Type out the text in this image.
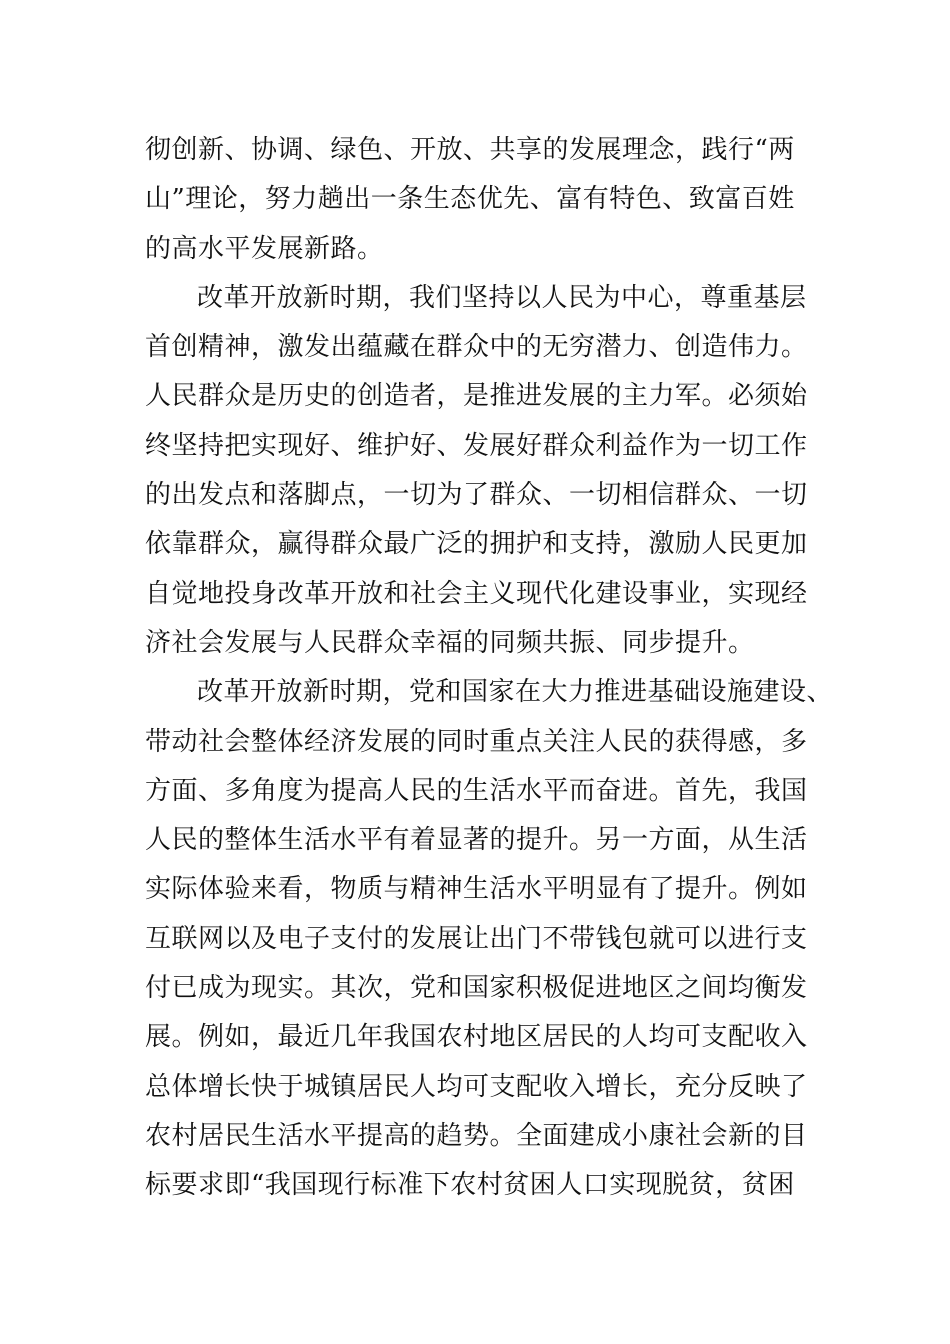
彻创新、协调、绿色、开放、共享的发展理念，践行“两
山”理论，努力趟出一条生态优先、富有特色、致富百姓
的高水平发展新路。
改革开放新时期，我们坚持以人民为中心，尊重基层
首创精神，激发出蕴藏在群众中的无穷潜力、创造伟力。
人民群众是历史的创造者，是推进发展的主力军。必须始
终坚持把实现好、维护好、发展好群众利益作为一切工作
的出发点和落脚点，一切为了群众、一切相信群众、一切
依靠群众，赢得群众最广泛的拥护和支持，激励人民更加
自觉地投身改革开放和社会主义现代化建设事业，实现经
济社会发展与人民群众幸福的同频共振、同步提升。
改革开放新时期，党和国家在大力推进基础设施建设、
带动社会整体经济发展的同时重点关注人民的获得感，多
方面、多角度为提高人民的生活水平而奋进。首先，我国
人民的整体生活水平有着显著的提升。另一方面，从生活
实际体验来看，物质与精神生活水平明显有了提升。例如
互联网以及电子支付的发展让出门不带钱包就可以进行支
付已成为现实。其次，党和国家积极促进地区之间均衡发
展。例如，最近几年我国农村地区居民的人均可支配收入
总体增长快于城镇居民人均可支配收入增长，充分反映了
农村居民生活水平提高的趋势。全面建成小康社会新的目
标要求即“我国现行标准下农村贫困人口实现脱贫，贫困
